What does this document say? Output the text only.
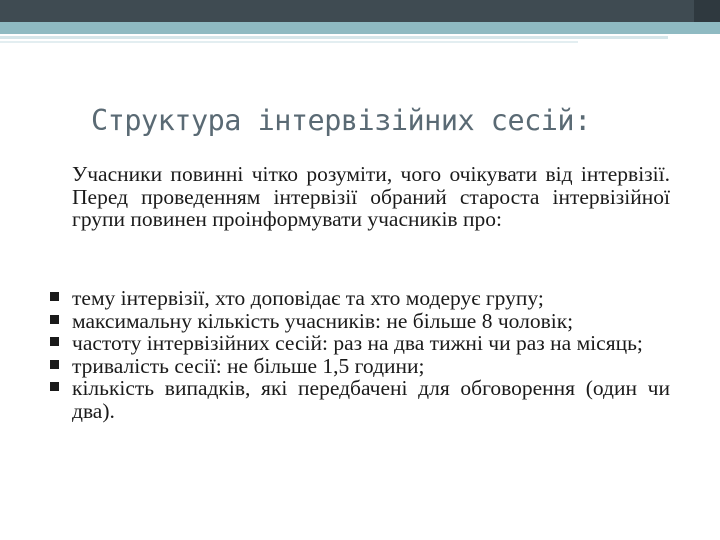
Структура інтервізійних сесій:
Учасники повинні чітко розуміти, чого очікувати від інтервізії. Перед проведенням інтервізії обраний староста інтервізійної групи повинен проінформувати учасників про:
тему інтервізії, хто доповідає та хто модерує групу;
максимальну кількість учасників: не більше 8 чоловік;
частоту інтервізійних сесій: раз на два тижні чи раз на місяць;
тривалість сесії: не більше 1,5 години;
кількість випадків, які передбачені для обговорення (один чи два).
